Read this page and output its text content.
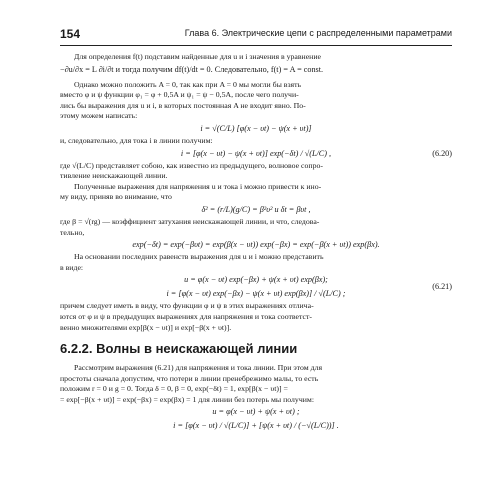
154	Глава 6. Электрические цепи с распределенными параметрами
Для определения f(t) подставим найденные для u и i значения в уравнение
−∂u/∂x = L ∂i/∂t и тогда получим df(t)/dt = 0. Следовательно, f(t) = A = const.
Однако можно положить A = 0, так как при A = 0 мы могли бы взять
вместо φ и ψ функции φ₁ = φ + 0,5A и ψ₁ = ψ − 0,5A, после чего получи-
лись бы выражения для u и i, в которых постоянная A не входит явно. По-
этому можем написать:
i = √(C/L) [φ(x − υt) − ψ(x + υt)]
и, следовательно, для тока i в линии получим:
i = [φ(x − υt) − ψ(x + υt)] exp(−δt) / √(L/C) ,	(6.20)
где √(L/C) представляет собою, как известно из предыдущего, волновое сопро-
тивление неискажающей линии.
Полученные выражения для напряжения u и тока i можно привести к ино-
му виду, приняв во внимание, что
δ² = (r/L)(g/C) = β²υ² и δt = βυt ,
где β = √(rg) — коэффициент затухания неискажающей линии, и что, следова-
тельно,
exp(−δt) = exp(−βυt) = exp(β(x − υt)) exp(−βx) = exp(−β(x + υt)) exp(βx).
На основании последних равенств выражения для u и i можно представить
в виде:
u = φ(x − υt) exp(−βx) + ψ(x + υt) exp(βx);
i = [φ(x − υt) exp(−βx) − ψ(x + υt) exp(βx)] / √(L/C) ;
(6.21)
причем следует иметь в виду, что функции φ и ψ в этих выражениях отлича-
ются от φ и ψ в предыдущих выражениях для напряжения и тока соответст-
венно множителями exp[β(x − υt)] и exp[−β(x + υt)].
6.2.2. Волны в неискажающей линии
Рассмотрим выражения (6.21) для напряжения и тока линии. При этом для
простоты сначала допустим, что потери в линии пренебрежимо малы, то есть
положим r = 0 и g = 0. Тогда δ = 0, β = 0, exp(−δt) = 1, exp[β(x − υt)] =
= exp[−β(x + υt)] = exp(−βx) = exp(βx) = 1 для линии без потерь мы получим:
u = φ(x − υt) + ψ(x + υt) ;
i = [φ(x − υt) / √(L/C)] + [ψ(x + υt) / (−√(L/C))] .
